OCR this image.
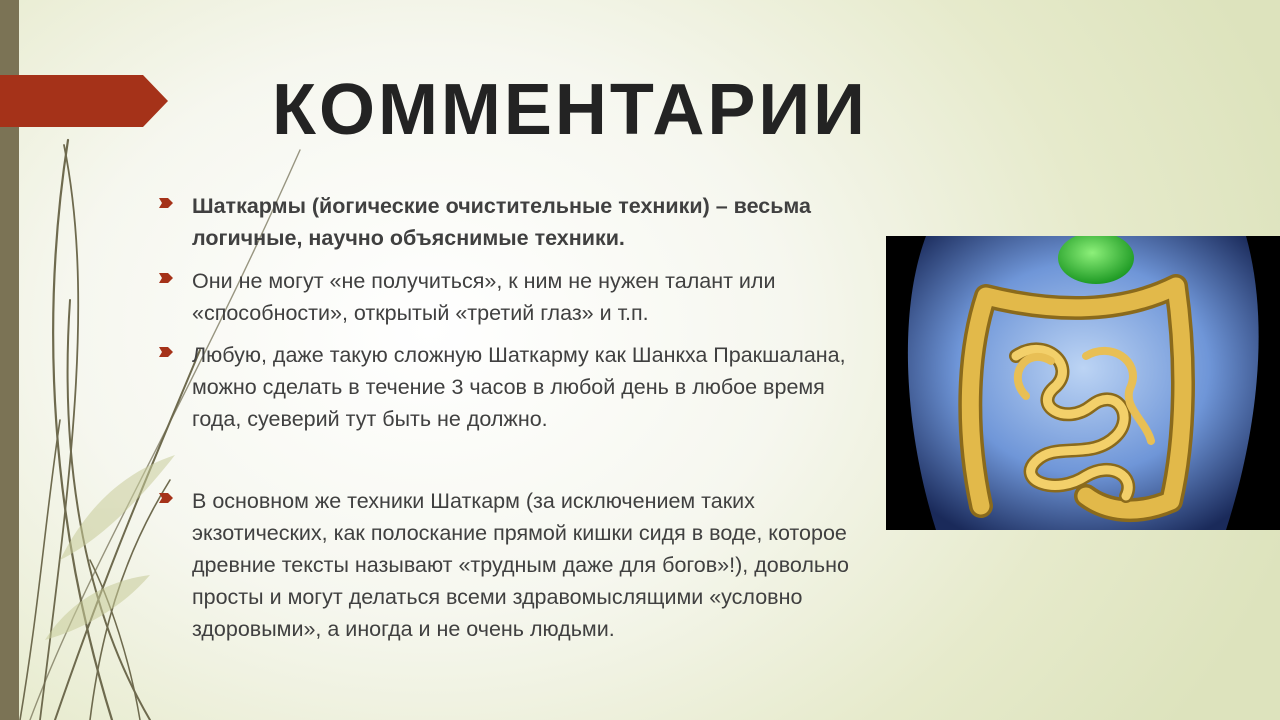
КОММЕНТАРИИ
Шаткармы (йогические очистительные техники) – весьма логичные, научно объяснимые техники.
Они не могут «не получиться», к ним не нужен талант или «способности», открытый «третий глаз» и т.п.
Любую, даже такую сложную Шаткарму как Шанкха Пракшалана, можно сделать в течение 3 часов в любой день в любое время года, суеверий тут быть не должно.
В основном же техники Шаткарм (за исключением таких экзотических, как полоскание прямой кишки сидя в воде, которое древние тексты называют «трудным даже для богов»!), довольно просты и могут делаться всеми здравомыслящими «условно здоровыми», а иногда и не очень людьми.
